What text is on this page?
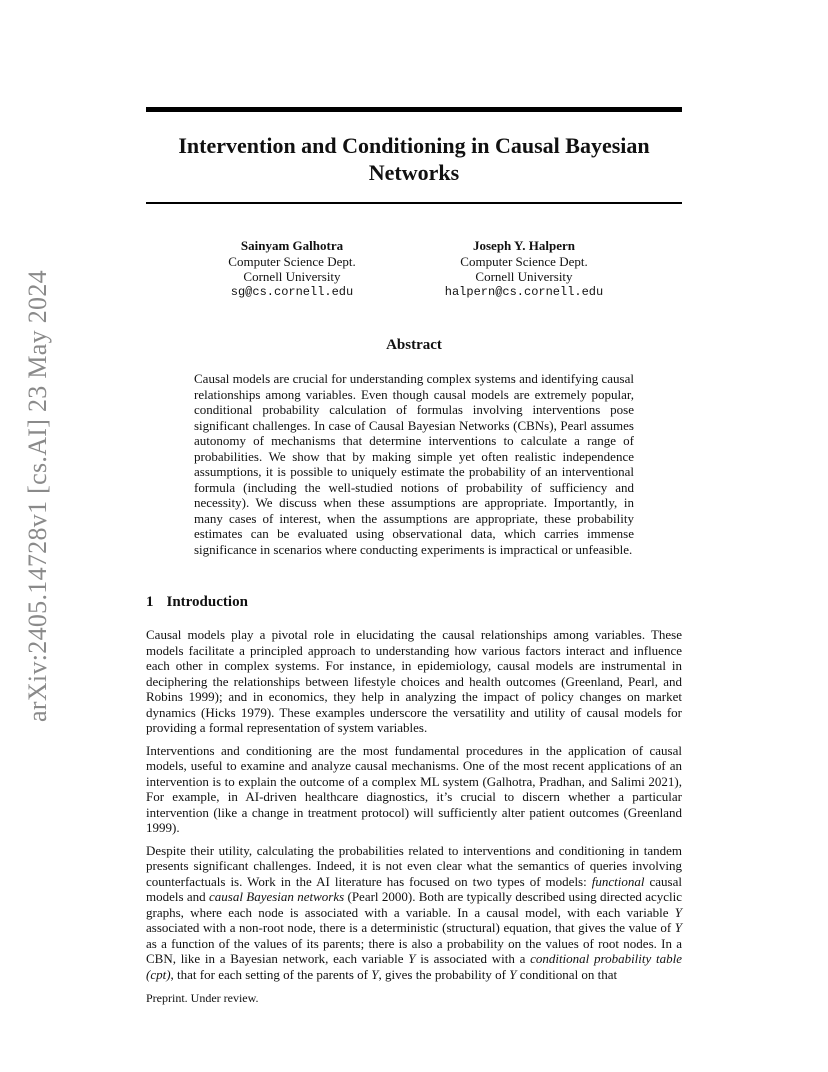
arXiv:2405.14728v1 [cs.AI] 23 May 2024
Intervention and Conditioning in Causal Bayesian
Networks
Sainyam Galhotra
Computer Science Dept.
Cornell University
sg@cs.cornell.edu
Joseph Y. Halpern
Computer Science Dept.
Cornell University
halpern@cs.cornell.edu
Abstract

Causal models are crucial for understanding complex systems and identifying causal relationships among variables. Even though causal models are extremely popular, conditional probability calculation of formulas involving interventions pose significant challenges. In case of Causal Bayesian Networks (CBNs), Pearl assumes autonomy of mechanisms that determine interventions to calculate a range of probabilities. We show that by making simple yet often realistic independence assumptions, it is possible to uniquely estimate the probability of an interventional formula (including the well-studied notions of probability of sufficiency and necessity). We discuss when these assumptions are appropriate. Importantly, in many cases of interest, when the assumptions are appropriate, these probability estimates can be evaluated using observational data, which carries immense significance in scenarios where conducting experiments is impractical or unfeasible.

1 Introduction

Causal models play a pivotal role in elucidating the causal relationships among variables. These models facilitate a principled approach to understanding how various factors interact and influence each other in complex systems. For instance, in epidemiology, causal models are instrumental in deciphering the relationships between lifestyle choices and health outcomes (Greenland, Pearl, and Robins 1999); and in economics, they help in analyzing the impact of policy changes on market dynamics (Hicks 1979). These examples underscore the versatility and utility of causal models for providing a formal representation of system variables.

Interventions and conditioning are the most fundamental procedures in the application of causal models, useful to examine and analyze causal mechanisms. One of the most recent applications of an intervention is to explain the outcome of a complex ML system (Galhotra, Pradhan, and Salimi 2021), For example, in AI-driven healthcare diagnostics, it’s crucial to discern whether a particular intervention (like a change in treatment protocol) will sufficiently alter patient outcomes (Greenland 1999).

Despite their utility, calculating the probabilities related to interventions and conditioning in tandem presents significant challenges. Indeed, it is not even clear what the semantics of queries involving counterfactuals is. Work in the AI literature has focused on two types of models: functional causal models and causal Bayesian networks (Pearl 2000). Both are typically described using directed acyclic graphs, where each node is associated with a variable. In a causal model, with each variable Y associated with a non-root node, there is a deterministic (structural) equation, that gives the value of Y as a function of the values of its parents; there is also a probability on the values of root nodes. In a CBN, like in a Bayesian network, each variable Y is associated with a conditional probability table (cpt), that for each setting of the parents of Y, gives the probability of Y conditional on that

Preprint. Under review.
